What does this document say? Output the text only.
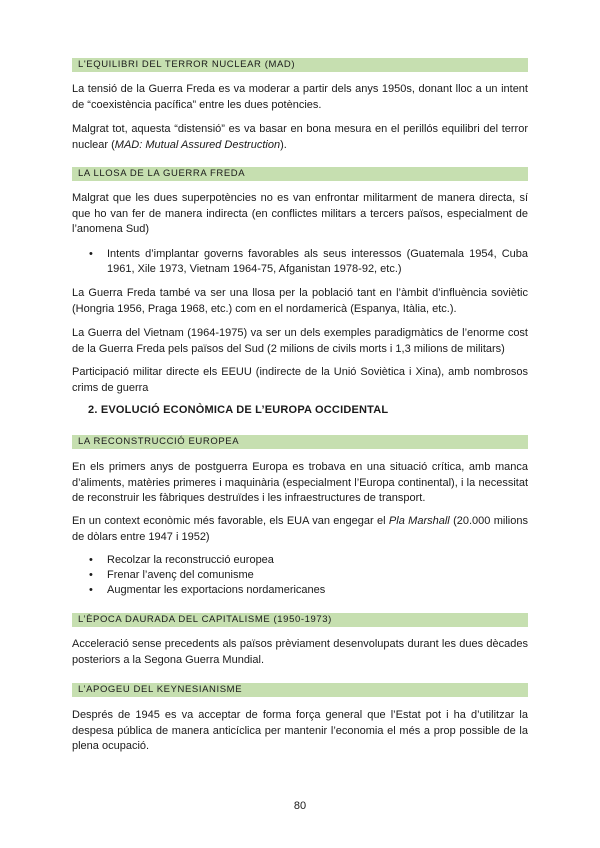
L'EQUILIBRI DEL TERROR NUCLEAR (MAD)

La tensió de la Guerra Freda es va moderar a partir dels anys 1950s, donant lloc a un intent de “coexistència pacífica” entre les dues potències.

Malgrat tot, aquesta “distensió” es va basar en bona mesura en el perillós equilibri del terror nuclear (MAD: Mutual Assured Destruction).

LA LLOSA DE LA GUERRA FREDA

Malgrat que les dues superpotències no es van enfrontar militarment de manera directa, sí que ho van fer de manera indirecta (en conflictes militars a tercers països, especialment de l’anomena Sud)

•	Intents d’implantar governs favorables als seus interessos (Guatemala 1954, Cuba 1961, Xile 1973, Vietnam 1964-75, Afganistan 1978-92, etc.)

La Guerra Freda també va ser una llosa per la població tant en l’àmbit d’influència soviètic (Hongria 1956, Praga 1968, etc.) com en el nordamericà (Espanya, Itàlia, etc.).

La Guerra del Vietnam (1964-1975) va ser un dels exemples paradigmàtics de l’enorme cost de la Guerra Freda pels països del Sud (2 milions de civils morts i 1,3 milions de militars)

Participació militar directe els EEUU (indirecte de la Unió Soviètica i Xina), amb nombrosos crims de guerra

2. EVOLUCIÓ ECONÒMICA DE L’EUROPA OCCIDENTAL
LA RECONSTRUCCIÓ EUROPEA

En els primers anys de postguerra Europa es trobava en una situació crítica, amb manca d’aliments, matèries primeres i maquinària (especialment l’Europa continental), i la necessitat de reconstruir les fàbriques destruïdes i les infraestructures de transport.

En un context econòmic més favorable, els EUA van engegar el Pla Marshall (20.000 milions de dòlars entre 1947 i 1952)

•	Recolzar la reconstrucció europea
•	Frenar l’avenç del comunisme
•	Augmentar les exportacions nordamericanes
L’ÈPOCA DAURADA DEL CAPITALISME (1950-1973)

Acceleració sense precedents als països prèviament desenvolupats durant les dues dècades posteriors a la Segona Guerra Mundial.

L’APOGEU DEL KEYNESIANISME

Després de 1945 es va acceptar de forma força general que l’Estat pot i ha d’utilitzar la despesa pública de manera anticíclica per mantenir l’economia el més a prop possible de la plena ocupació.

80
